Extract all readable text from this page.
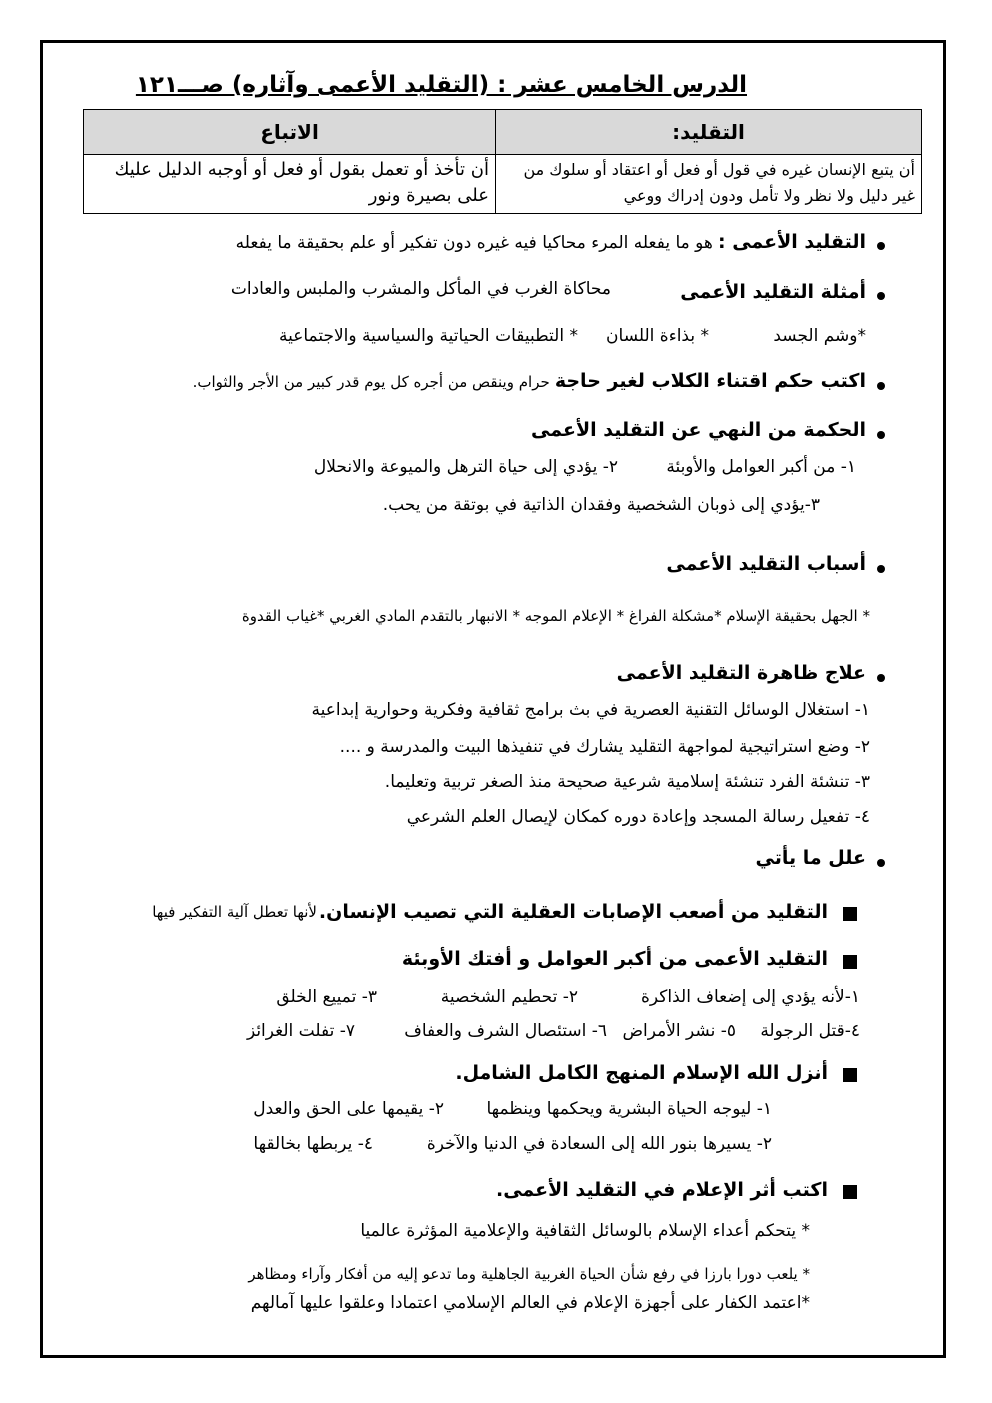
الدرس الخامس عشر : (التقليد الأعمى وآثاره) صـــ١٢١
التقليد:	الاتباع
أن يتبع الإنسان غيره في قول أو فعل أو اعتقاد أو سلوك من غير دليل ولا نظر ولا تأمل ودون إدراك ووعي	أن تأخذ أو تعمل بقول أو فعل أو أوجبه الدليل عليك على بصيرة ونور
التقليد الأعمى : هو ما يفعله المرء محاكيا فيه غيره دون تفكير أو علم بحقيقة ما يفعله
أمثلة التقليد الأعمى
محاكاة الغرب في المأكل والمشرب والملبس والعادات
*وشم الجسد
* بذاءة اللسان
* التطبيقات الحياتية والسياسية والاجتماعية
اكتب حكم اقتناء الكلاب لغير حاجة حرام وينقص من أجره كل يوم قدر كبير من الأجر والثواب.
الحكمة من النهي عن التقليد الأعمى
١- من أكبر العوامل والأوبئة
٢- يؤدي إلى حياة الترهل والميوعة والانحلال
٣-يؤدي إلى ذوبان الشخصية وفقدان الذاتية في بوتقة من يحب.
أسباب التقليد الأعمى
* الجهل بحقيقة الإسلام *مشكلة الفراغ * الإعلام الموجه * الانبهار بالتقدم المادي الغربي *غياب القدوة
علاج ظاهرة التقليد الأعمى
١- استغلال الوسائل التقنية العصرية في بث برامج ثقافية وفكرية وحوارية إبداعية
٢- وضع استراتيجية لمواجهة التقليد يشارك في تنفيذها البيت والمدرسة و ....
٣- تنشئة الفرد تنشئة إسلامية شرعية صحيحة منذ الصغر تربية وتعليما.
٤- تفعيل رسالة المسجد وإعادة دوره كمكان لإيصال العلم الشرعي
علل ما يأتي
التقليد من أصعب الإصابات العقلية التي تصيب الإنسان.
لأنها تعطل آلية التفكير فيها
التقليد الأعمى من أكبر العوامل و أفتك الأوبئة
١-لأنه يؤدي إلى إضعاف الذاكرة
٢- تحطيم الشخصية
٣- تمييع الخلق
٤-قتل الرجولة
٥- نشر الأمراض
٦- استئصال الشرف والعفاف
٧- تفلت الغرائز
أنزل الله الإسلام المنهج الكامل الشامل.
١- ليوجه الحياة البشرية ويحكمها وينظمها
٢- يقيمها على الحق والعدل
٢- يسيرها بنور الله إلى السعادة في الدنيا والآخرة
٤- يربطها بخالقها
اكتب أثر الإعلام في التقليد الأعمى.
* يتحكم أعداء الإسلام بالوسائل الثقافية والإعلامية المؤثرة عالميا
* يلعب دورا بارزا في رفع شأن الحياة الغربية الجاهلية وما تدعو إليه من أفكار وآراء ومظاهر
*اعتمد الكفار على أجهزة الإعلام في العالم الإسلامي اعتمادا وعلقوا عليها آمالهم
